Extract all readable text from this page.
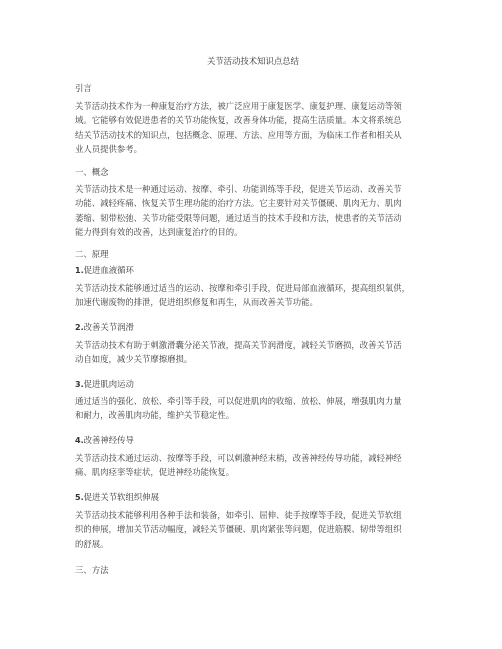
关节活动技术知识点总结
引言
关节活动技术作为一种康复治疗方法，被广泛应用于康复医学、康复护理、康复运动等领
域。它能够有效促进患者的关节功能恢复，改善身体功能，提高生活质量。本文将系统总
结关节活动技术的知识点，包括概念、原理、方法、应用等方面，为临床工作者和相关从
业人员提供参考。
一、概念
关节活动技术是一种通过运动、按摩、牵引、功能训练等手段，促进关节运动、改善关节
功能、减轻疼痛、恢复关节生理功能的治疗方法。它主要针对关节僵硬、肌肉无力、肌肉
萎缩、韧带松弛、关节功能受限等问题，通过适当的技术手段和方法，使患者的关节活动
能力得到有效的改善，达到康复治疗的目的。
二、原理
1.促进血液循环
关节活动技术能够通过适当的运动、按摩和牵引手段，促进局部血液循环，提高组织氧供，
加速代谢废物的排泄，促进组织修复和再生，从而改善关节功能。
2.改善关节润滑
关节活动技术有助于刺激滑囊分泌关节液，提高关节润滑度，减轻关节磨损，改善关节活
动自如度，减少关节摩擦磨损。
3.促进肌肉运动
通过适当的强化、放松、牵引等手段，可以促进肌肉的收缩、放松、伸展，增强肌肉力量
和耐力，改善肌肉功能，维护关节稳定性。
4.改善神经传导
关节活动技术通过运动、按摩等手段，可以刺激神经末梢，改善神经传导功能，减轻神经
痛、肌肉痉挛等症状，促进神经功能恢复。
5.促进关节软组织伸展
关节活动技术能够利用各种手法和装备，如牵引、屈伸、徒手按摩等手段，促进关节软组
织的伸展，增加关节活动幅度，减轻关节僵硬、肌肉紧张等问题，促进筋膜、韧带等组织
的舒展。
三、方法
